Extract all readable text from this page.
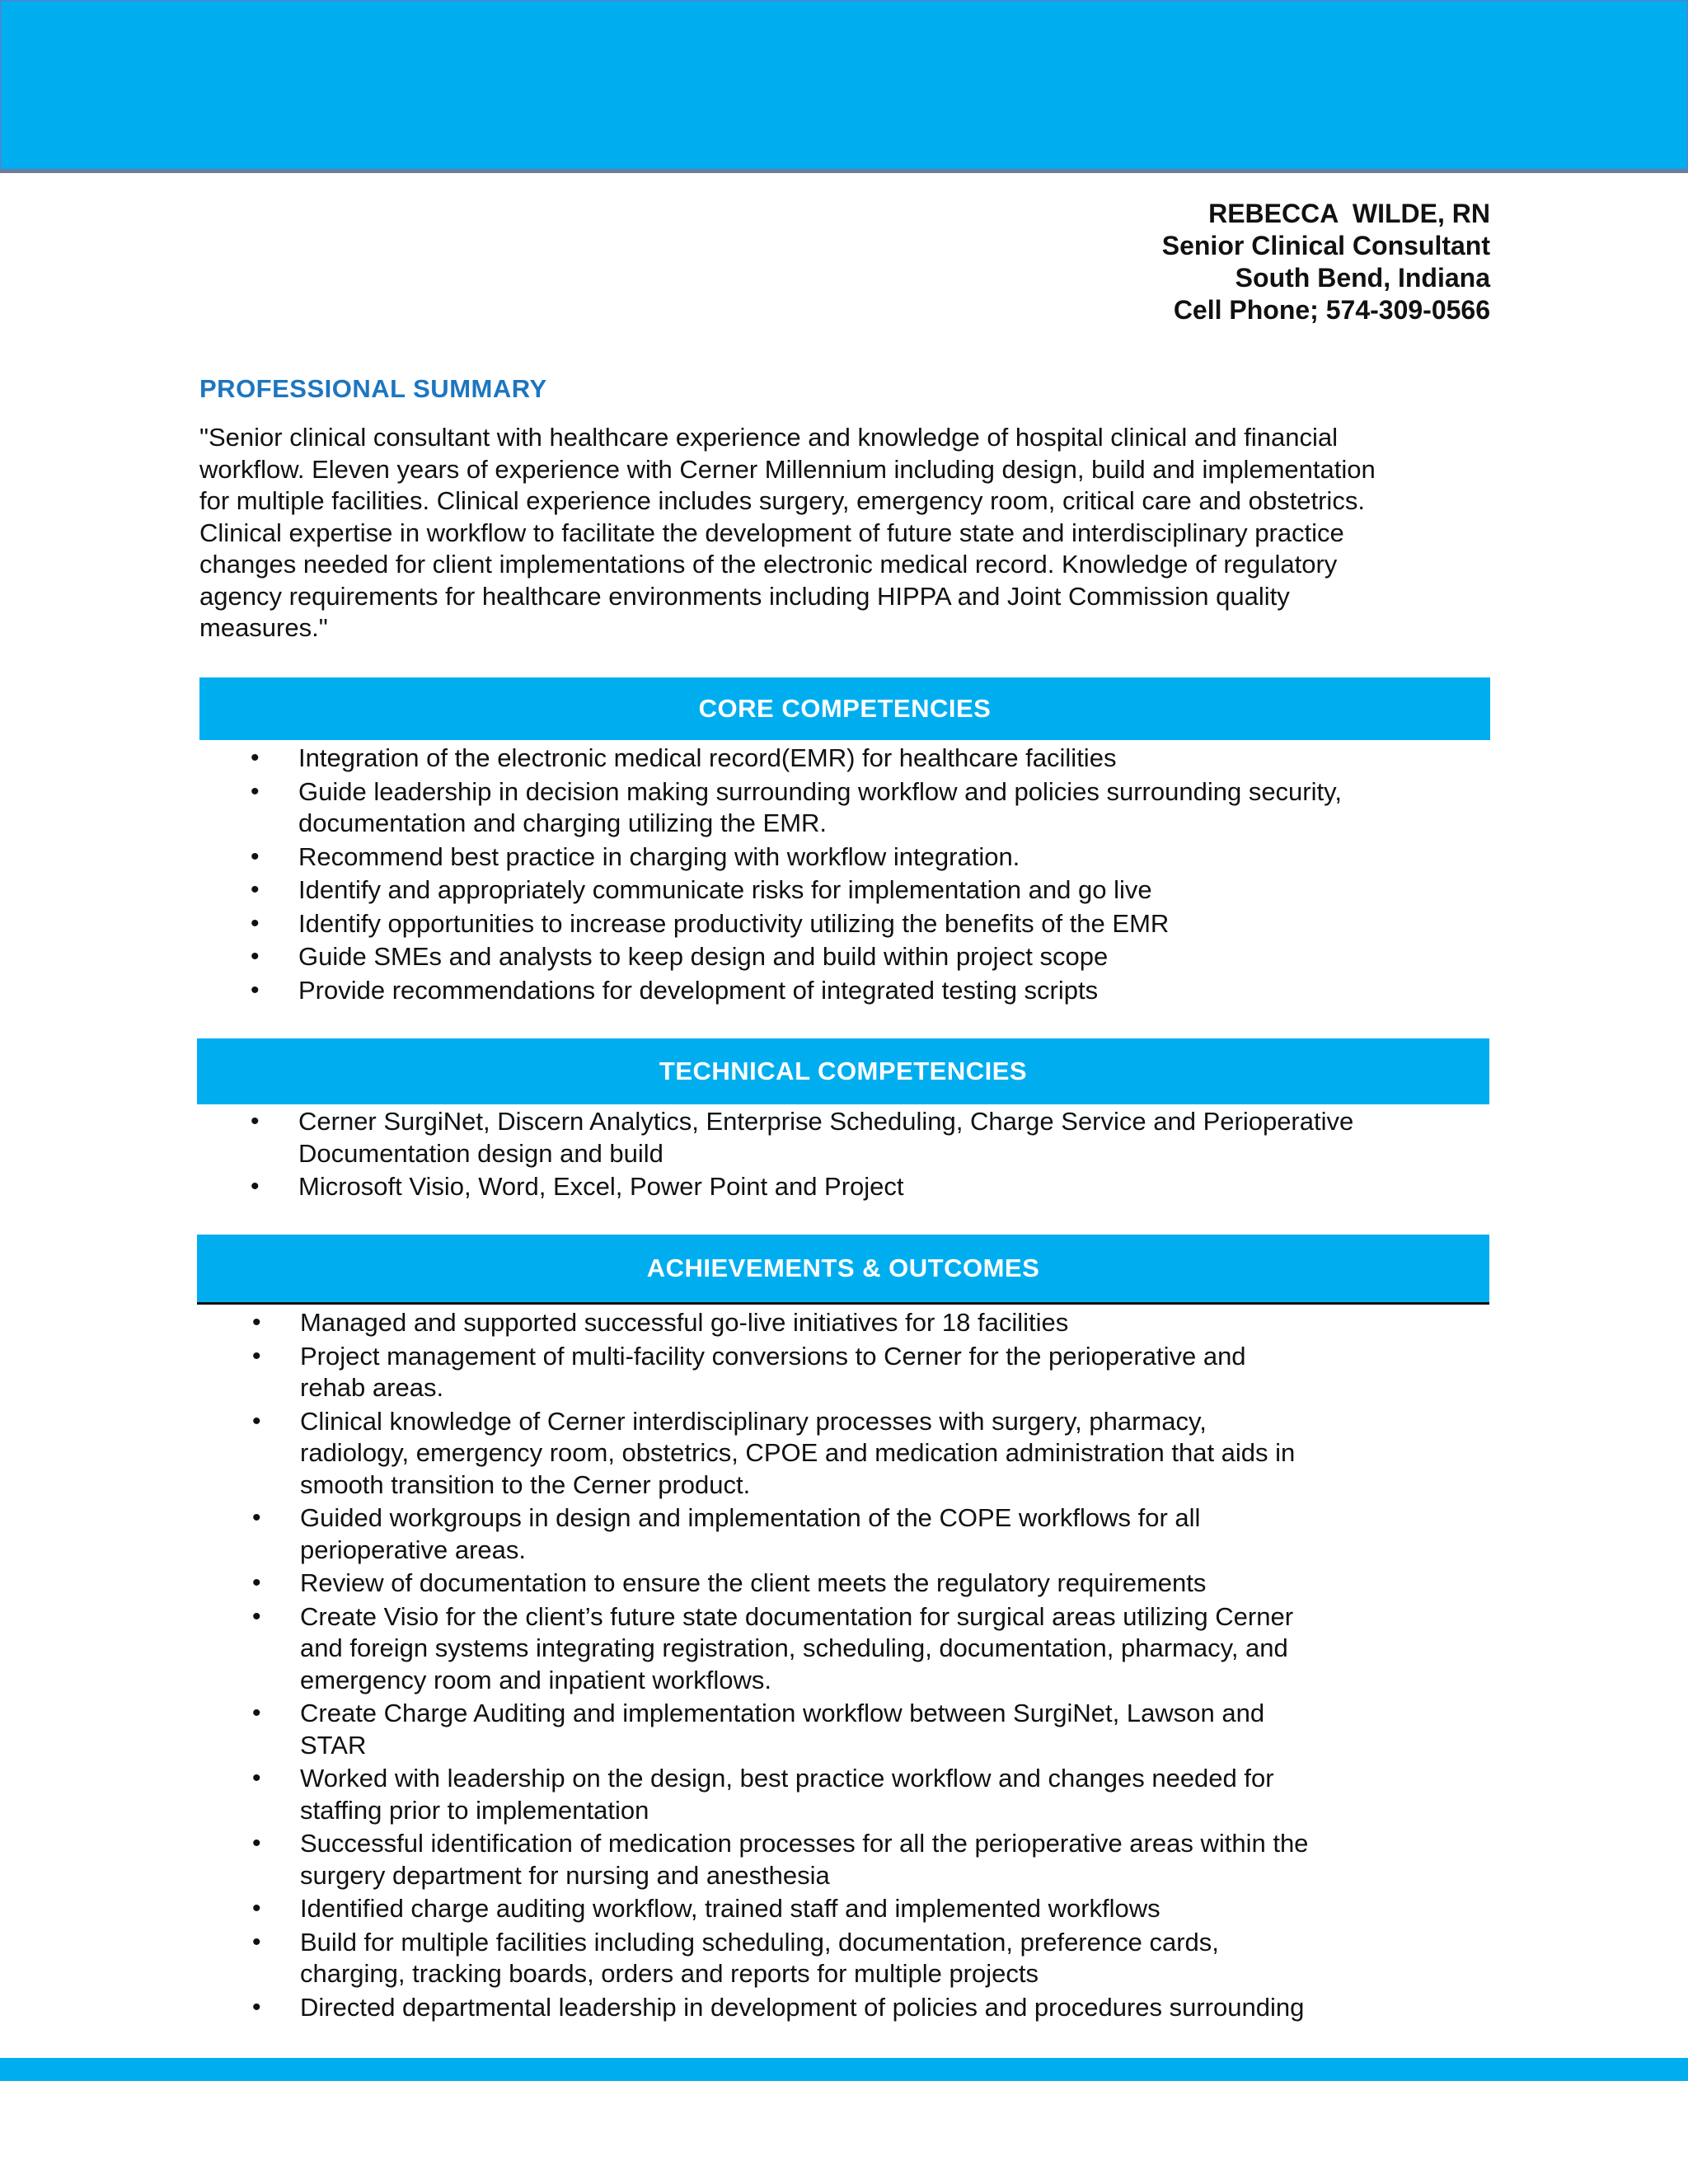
REBECCA  WILDE, RN
Senior Clinical Consultant
South Bend, Indiana
Cell Phone; 574-309-0566
PROFESSIONAL SUMMARY
"Senior clinical consultant with healthcare experience and knowledge of hospital clinical and financial
workflow. Eleven years of experience with Cerner Millennium including design, build and implementation
for multiple facilities. Clinical experience includes surgery, emergency room, critical care and obstetrics.
Clinical expertise in workflow to facilitate the development of future state and interdisciplinary practice
changes needed for client implementations of the electronic medical record. Knowledge of regulatory
agency requirements for healthcare environments including HIPPA and Joint Commission quality
measures."
CORE COMPETENCIES
• Integration of the electronic medical record(EMR) for healthcare facilities
• Guide leadership in decision making surrounding workflow and policies surrounding security,
documentation and charging utilizing the EMR.
• Recommend best practice in charging with workflow integration.
• Identify and appropriately communicate risks for implementation and go live
• Identify opportunities to increase productivity utilizing the benefits of the EMR
• Guide SMEs and analysts to keep design and build within project scope
• Provide recommendations for development of integrated testing scripts
TECHNICAL COMPETENCIES
• Cerner SurgiNet, Discern Analytics, Enterprise Scheduling, Charge Service and Perioperative
Documentation design and build
• Microsoft Visio, Word, Excel, Power Point and Project
ACHIEVEMENTS & OUTCOMES
• Managed and supported successful go-live initiatives for 18 facilities
• Project management of multi-facility conversions to Cerner for the perioperative and
rehab areas.
• Clinical knowledge of Cerner interdisciplinary processes with surgery, pharmacy,
radiology, emergency room, obstetrics, CPOE and medication administration that aids in
smooth transition to the Cerner product.
• Guided workgroups in design and implementation of the COPE workflows for all
perioperative areas.
• Review of documentation to ensure the client meets the regulatory requirements
• Create Visio for the client’s future state documentation for surgical areas utilizing Cerner
and foreign systems integrating registration, scheduling, documentation, pharmacy, and
emergency room and inpatient workflows.
• Create Charge Auditing and implementation workflow between SurgiNet, Lawson and
STAR
• Worked with leadership on the design, best practice workflow and changes needed for
staffing prior to implementation
• Successful identification of medication processes for all the perioperative areas within the
surgery department for nursing and anesthesia
• Identified charge auditing workflow, trained staff and implemented workflows
• Build for multiple facilities including scheduling, documentation, preference cards,
charging, tracking boards, orders and reports for multiple projects
• Directed departmental leadership in development of policies and procedures surrounding
